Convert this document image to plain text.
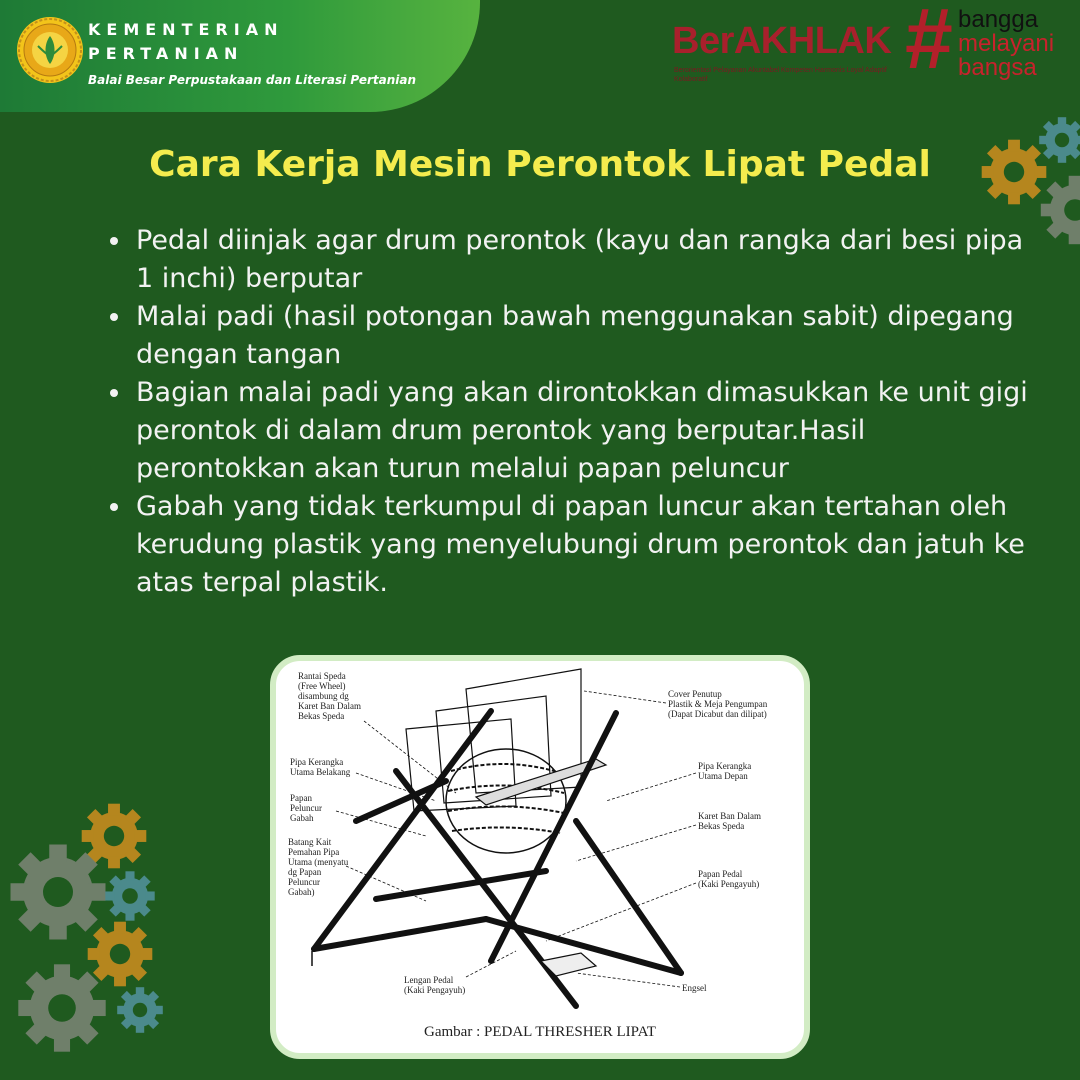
KEMENTERIAN PERTANIAN
Balai Besar Perpustakaan dan Literasi Pertanian
BerAKHLAK
Berorientasi Pelayanan Akuntabel Kompeten Harmonis Loyal Adaptif Kolaboratif	# bangga
melayani
bangsa
Cara Kerja Mesin Perontok Lipat Pedal
Pedal diinjak agar drum perontok (kayu dan rangka dari besi pipa 1 inchi) berputar
Malai padi (hasil potongan bawah menggunakan sabit) dipegang dengan tangan
Bagian malai padi yang akan dirontokkan dimasukkan ke unit gigi perontok di dalam drum perontok yang berputar.Hasil perontokkan akan turun melalui papan peluncur
Gabah yang tidak terkumpul di papan luncur akan tertahan oleh kerudung plastik yang menyelubungi drum perontok dan jatuh ke atas terpal plastik.
Rantai Speda
(Free Wheel)
disambung dg
Karet Ban Dalam
Bekas Speda
Pipa Kerangka
Utama Belakang
Papan
Peluncur
Gabah
Batang Kait
Pemahan Pipa
Utama (menyatu
dg Papan
Peluncur
Gabah)
Lengan Pedal
(Kaki Pengayuh)
Cover Penutup
Plastik & Meja Pengumpan
(Dapat Dicabut dan dilipat)
Pipa Kerangka
Utama Depan
Karet Ban Dalam
Bekas Speda
Papan Pedal
(Kaki Pengayuh)
Engsel
Gambar : PEDAL THRESHER LIPAT
